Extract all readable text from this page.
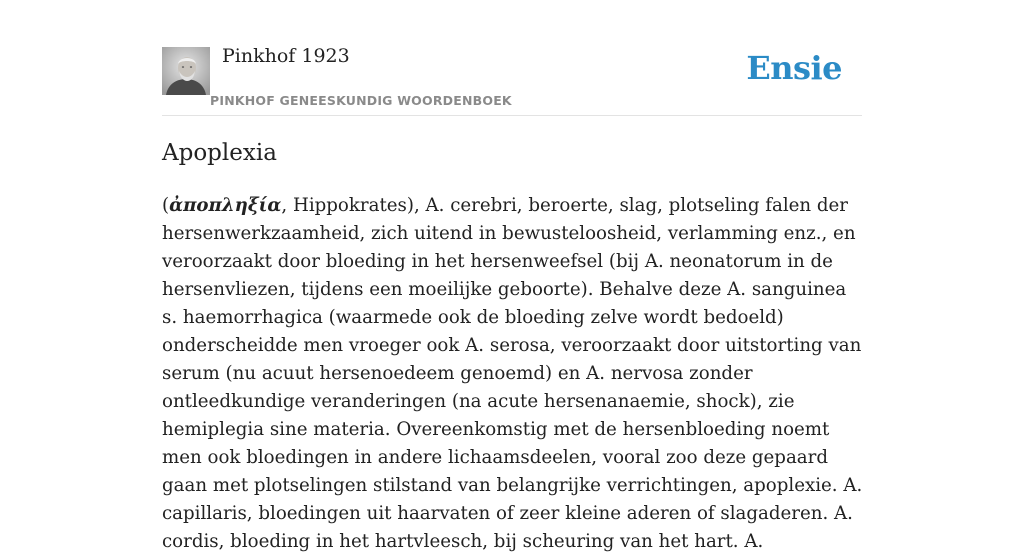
Pinkhof 1923
PINKHOF GENEESKUNDIG WOORDENBOEK
Ensie
Apoplexia

(ἀποπληξία, Hippokrates), A. cerebri, beroerte, slag, plotseling falen der hersenwerkzaamheid, zich uitend in bewusteloosheid, verlamming enz., en veroorzaakt door bloeding in het hersenweefsel (bij A. neonatorum in de hersenvliezen, tijdens een moeilijke geboorte). Behalve deze A. sanguinea s. haemorrhagica (waarmede ook de bloeding zelve wordt bedoeld) onderscheidde men vroeger ook A. serosa, veroorzaakt door uitstorting van serum (nu acuut hersenoedeem genoemd) en A. nervosa zonder ontleedkundige veranderingen (na acute hersenanaemie, shock), zie hemiplegia sine materia. Overeenkomstig met de hersenbloeding noemt men ook bloedingen in andere lichaamsdeelen, vooral zoo deze gepaard gaan met plotselingen stilstand van belangrijke verrichtingen, apoplexie. A. capillaris, bloedingen uit haarvaten of zeer kleine aderen of slagaderen. A. cordis, bloeding in het hartvleesch, bij scheuring van het hart. A.
